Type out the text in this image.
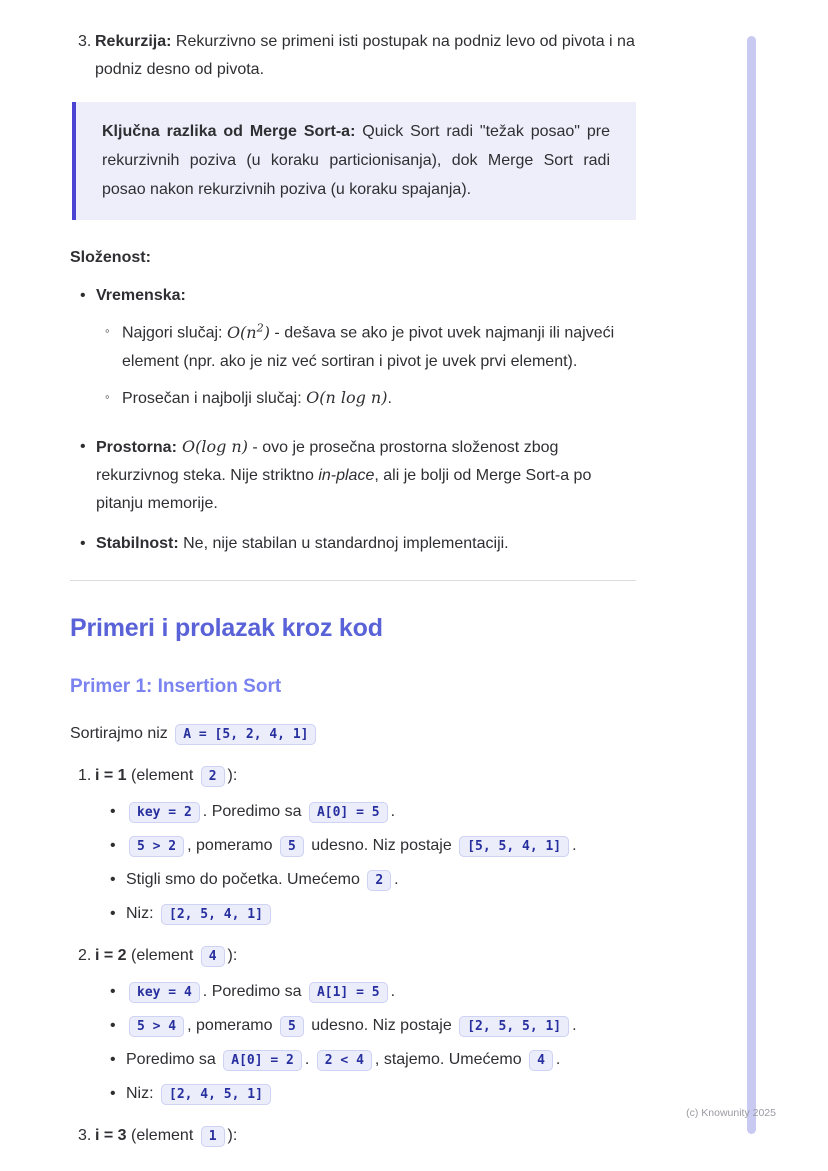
3. Rekurzija: Rekurzivno se primeni isti postupak na podniz levo od pivota i na podniz desno od pivota.

Ključna razlika od Merge Sort-a: Quick Sort radi "težak posao" pre rekurzivnih poziva (u koraku particionisanja), dok Merge Sort radi posao nakon rekurzivnih poziva (u koraku spajanja).

Složenost:

• Vremenska:
◦ Najgori slučaj: $O(n^2)$ - dešava se ako je pivot uvek najmanji ili najveći element (npr. ako je niz već sortiran i pivot je uvek prvi element).
◦ Prosečan i najbolji slučaj: O(n log n).
• Prostorna: O(log n) - ovo je prosečna prostorna složenost zbog rekurzivnog steka. Nije striktno in-place, ali je bolji od Merge Sort-a po pitanju memorije.
• Stabilnost: Ne, nije stabilan u standardnoj implementaciji.
Primeri i prolazak kroz kod
Primer 1: Insertion Sort

Sortirajmo niz A = [5, 2, 4, 1]

1. i = 1 (element 2 ):
•	key = 2 . Poredimo sa A[0] = 5 .
•	5 > 2 , pomeramo 5 udesno. Niz postaje [5, 5, 4, 1] .
• Stigli smo do početka. Umećemo 2 .
• Niz: [2, 5, 4, 1]
2. i = 2 (element 4 ):
•	key = 4 . Poredimo sa A[1] = 5 .
•	5 > 4 , pomeramo 5 udesno. Niz postaje [2, 5, 5, 1] .
• Poredimo sa A[0] = 2 . 2 < 4 , stajemo. Umećemo 4 .
• Niz: [2, 4, 5, 1]
3. i = 3 (element 1 ):
(c) Knowunity 2025
